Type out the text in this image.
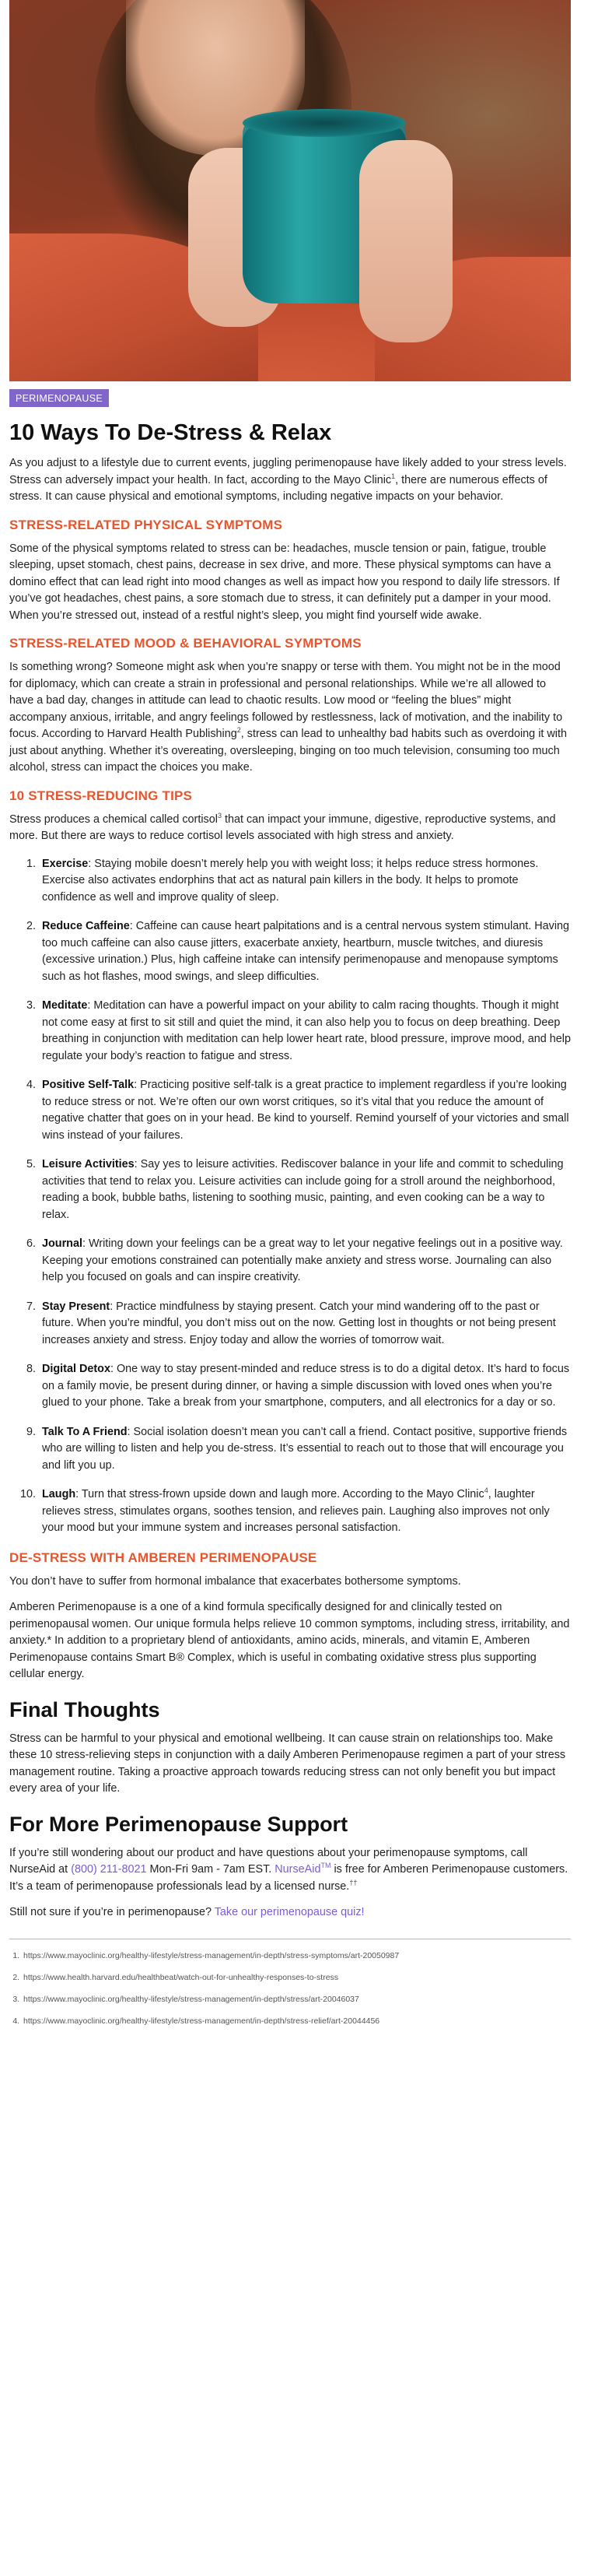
PERIMENOPAUSE
10 Ways To De-Stress & Relax

As you adjust to a lifestyle due to current events, juggling perimenopause have likely added to your stress levels. Stress can adversely impact your health. In fact, according to the Mayo Clinic$^1$, there are numerous effects of stress. It can cause physical and emotional symptoms, including negative impacts on your behavior.

STRESS-RELATED PHYSICAL SYMPTOMS

Some of the physical symptoms related to stress can be: headaches, muscle tension or pain, fatigue, trouble sleeping, upset stomach, chest pains, decrease in sex drive, and more. These physical symptoms can have a domino effect that can lead right into mood changes as well as impact how you respond to daily life stressors. If you’ve got headaches, chest pains, a sore stomach due to stress, it can definitely put a damper in your mood. When you’re stressed out, instead of a restful night’s sleep, you might find yourself wide awake.

STRESS-RELATED MOOD & BEHAVIORAL SYMPTOMS

Is something wrong? Someone might ask when you’re snappy or terse with them. You might not be in the mood for diplomacy, which can create a strain in professional and personal relationships. While we’re all allowed to have a bad day, changes in attitude can lead to chaotic results. Low mood or “feeling the blues” might accompany anxious, irritable, and angry feelings followed by restlessness, lack of motivation, and the inability to focus. According to Harvard Health Publishing$^2$, stress can lead to unhealthy bad habits such as overdoing it with just about anything. Whether it’s overeating, oversleeping, binging on too much television, consuming too much alcohol, stress can impact the choices you make.

10 STRESS-REDUCING TIPS

Stress produces a chemical called cortisol$^3$ that can impact your immune, digestive, reproductive systems, and more. But there are ways to reduce cortisol levels associated with high stress and anxiety.

1. Exercise: Staying mobile doesn’t merely help you with weight loss; it helps reduce stress hormones. Exercise also activates endorphins that act as natural pain killers in the body. It helps to promote confidence as well and improve quality of sleep.
2. Reduce Caffeine: Caffeine can cause heart palpitations and is a central nervous system stimulant. Having too much caffeine can also cause jitters, exacerbate anxiety, heartburn, muscle twitches, and diuresis (excessive urination.) Plus, high caffeine intake can intensify perimenopause and menopause symptoms such as hot flashes, mood swings, and sleep difficulties.
3. Meditate: Meditation can have a powerful impact on your ability to calm racing thoughts. Though it might not come easy at first to sit still and quiet the mind, it can also help you to focus on deep breathing. Deep breathing in conjunction with meditation can help lower heart rate, blood pressure, improve mood, and help regulate your body’s reaction to fatigue and stress.
4. Positive Self-Talk: Practicing positive self-talk is a great practice to implement regardless if you’re looking to reduce stress or not. We’re often our own worst critiques, so it’s vital that you reduce the amount of negative chatter that goes on in your head. Be kind to yourself. Remind yourself of your victories and small wins instead of your failures.
5. Leisure Activities: Say yes to leisure activities. Rediscover balance in your life and commit to scheduling activities that tend to relax you. Leisure activities can include going for a stroll around the neighborhood, reading a book, bubble baths, listening to soothing music, painting, and even cooking can be a way to relax.
6. Journal: Writing down your feelings can be a great way to let your negative feelings out in a positive way. Keeping your emotions constrained can potentially make anxiety and stress worse. Journaling can also help you focused on goals and can inspire creativity.
7. Stay Present: Practice mindfulness by staying present. Catch your mind wandering off to the past or future. When you’re mindful, you don’t miss out on the now. Getting lost in thoughts or not being present increases anxiety and stress. Enjoy today and allow the worries of tomorrow wait.
8. Digital Detox: One way to stay present-minded and reduce stress is to do a digital detox. It’s hard to focus on a family movie, be present during dinner, or having a simple discussion with loved ones when you’re glued to your phone. Take a break from your smartphone, computers, and all electronics for a day or so.
9. Talk To A Friend: Social isolation doesn’t mean you can’t call a friend. Contact positive, supportive friends who are willing to listen and help you de-stress. It’s essential to reach out to those that will encourage you and lift you up.
10. Laugh: Turn that stress-frown upside down and laugh more. According to the Mayo Clinic$^4$, laughter relieves stress, stimulates organs, soothes tension, and relieves pain. Laughing also improves not only your mood but your immune system and increases personal satisfaction.
DE-STRESS WITH AMBEREN PERIMENOPAUSE

You don’t have to suffer from hormonal imbalance that exacerbates bothersome symptoms.

Amberen Perimenopause is a one of a kind formula specifically designed for and clinically tested on perimenopausal women. Our unique formula helps relieve 10 common symptoms, including stress, irritability, and anxiety.* In addition to a proprietary blend of antioxidants, amino acids, minerals, and vitamin E, Amberen Perimenopause contains Smart B® Complex, which is useful in combating oxidative stress plus supporting cellular energy.

Final Thoughts

Stress can be harmful to your physical and emotional wellbeing. It can cause strain on relationships too. Make these 10 stress-relieving steps in conjunction with a daily Amberen Perimenopause regimen a part of your stress management routine. Taking a proactive approach towards reducing stress can not only benefit you but impact every area of your life.

For More Perimenopause Support

If you’re still wondering about our product and have questions about your perimenopause symptoms, call NurseAid at (800) 211-8021 Mon-Fri 9am - 7am EST. NurseAid™ is free for Amberen Perimenopause customers. It’s a team of perimenopause professionals lead by a licensed nurse.††

Still not sure if you’re in perimenopause? Take our perimenopause quiz!

1. https://www.mayoclinic.org/healthy-lifestyle/stress-management/in-depth/stress-symptoms/art-20050987
2. https://www.health.harvard.edu/healthbeat/watch-out-for-unhealthy-responses-to-stress
3. https://www.mayoclinic.org/healthy-lifestyle/stress-management/in-depth/stress/art-20046037
4. https://www.mayoclinic.org/healthy-lifestyle/stress-management/in-depth/stress-relief/art-20044456
